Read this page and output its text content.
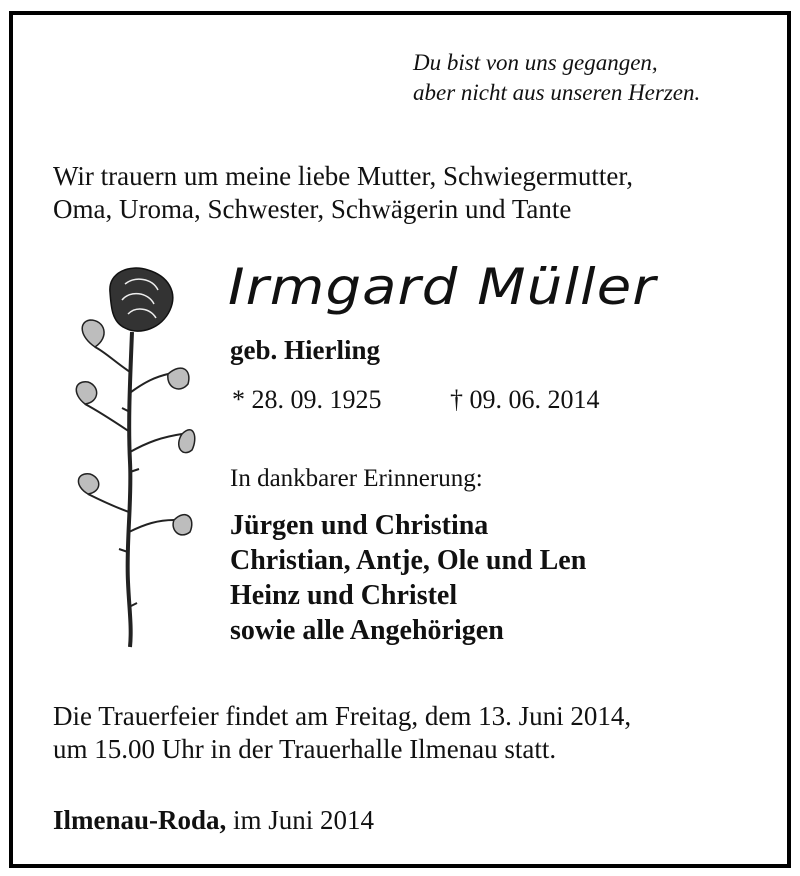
Du bist von uns gegangen,
aber nicht aus unseren Herzen.
Wir trauern um meine liebe Mutter, Schwiegermutter,
Oma, Uroma, Schwester, Schwägerin und Tante
Irmgard Müller
geb. Hierling
* 28. 09. 1925	† 09. 06. 2014
In dankbarer Erinnerung:
Jürgen und Christina
Christian, Antje, Ole und Len
Heinz und Christel
sowie alle Angehörigen
Die Trauerfeier findet am Freitag, dem 13. Juni 2014,
um 15.00 Uhr in der Trauerhalle Ilmenau statt.
Ilmenau-Roda, im Juni 2014
